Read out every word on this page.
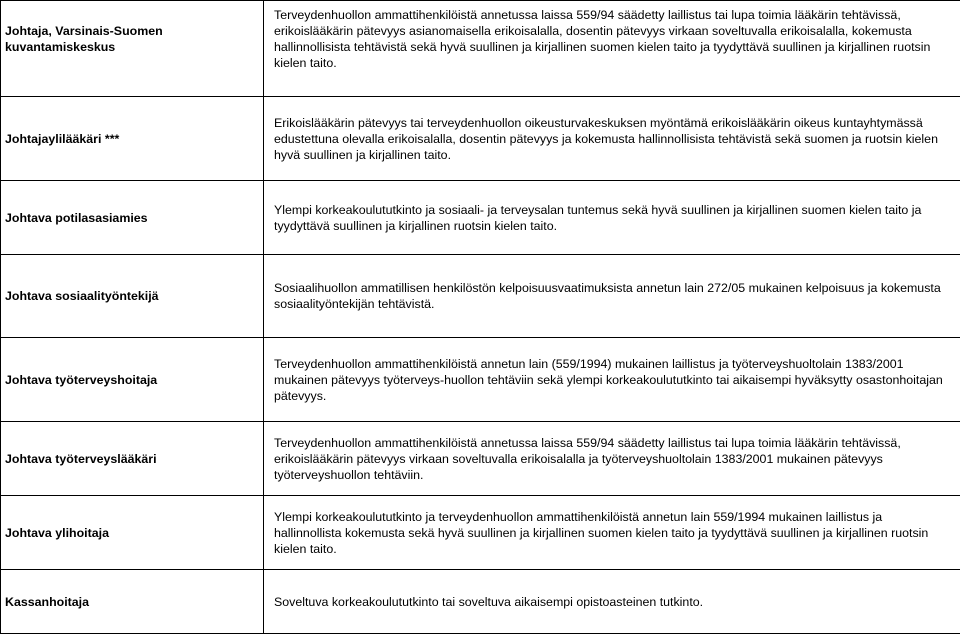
Johtaja, Varsinais-Suomen kuvantamiskeskus	Terveydenhuollon ammattihenkilöistä annetussa laissa 559/94 säädetty laillistus tai lupa toimia lääkärin tehtävissä, erikoislääkärin pätevyys asianomaisella erikoisalalla, dosentin pätevyys virkaan soveltuvalla erikoisalalla, kokemusta hallinnollisista tehtävistä sekä hyvä suullinen ja kirjallinen suomen kielen taito ja tyydyttävä suullinen ja kirjallinen ruotsin kielen taito.
Johtajaylilääkäri ***	Erikoislääkärin pätevyys tai terveydenhuollon oikeusturvakeskuksen myöntämä erikoislääkärin oikeus kuntayhtymässä edustettuna olevalla erikoisalalla, dosentin pätevyys ja kokemusta hallinnollisista tehtävistä sekä suomen ja ruotsin kielen hyvä suullinen ja kirjallinen taito.
Johtava potilasasiamies	Ylempi korkeakoulututkinto ja sosiaali- ja terveysalan tuntemus sekä hyvä suullinen ja kirjallinen suomen kielen taito ja tyydyttävä suullinen ja kirjallinen ruotsin kielen taito.
Johtava sosiaalityöntekijä	Sosiaalihuollon ammatillisen henkilöstön kelpoisuusvaatimuksista annetun lain 272/05 mukainen kelpoisuus ja kokemusta sosiaalityöntekijän tehtävistä.
Johtava työterveyshoitaja	Terveydenhuollon ammattihenkilöistä annetun lain (559/1994) mukainen laillistus ja työterveyshuoltolain 1383/2001 mukainen pätevyys työterveys-huollon tehtäviin sekä ylempi korkeakoulututkinto tai aikaisempi hyväksytty osastonhoitajan pätevyys.
Johtava työterveyslääkäri	Terveydenhuollon ammattihenkilöistä annetussa laissa 559/94 säädetty laillistus tai lupa toimia lääkärin tehtävissä, erikoislääkärin pätevyys virkaan soveltuvalla erikoisalalla ja työterveyshuoltolain 1383/2001 mukainen pätevyys työterveyshuollon tehtäviin.
Johtava ylihoitaja	Ylempi korkeakoulututkinto ja terveydenhuollon ammattihenkilöistä annetun lain 559/1994 mukainen laillistus ja hallinnollista kokemusta sekä hyvä suullinen ja kirjallinen suomen kielen taito ja tyydyttävä suullinen ja kirjallinen ruotsin kielen taito.
Kassanhoitaja	Soveltuva korkeakoulututkinto tai soveltuva aikaisempi opistoasteinen tutkinto.
